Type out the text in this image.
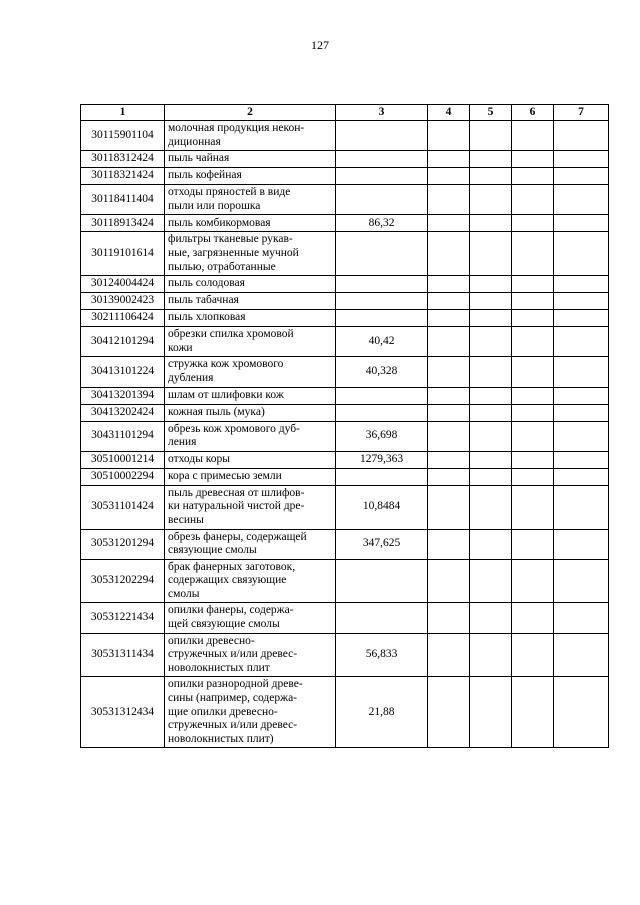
127
1	2	3	4	5	6	7
30115901104	молочная продукция некон-
диционная					
30118312424	пыль чайная					
30118321424	пыль кофейная					
30118411404	отходы пряностей в виде
пыли или порошка					
30118913424	пыль комбикормовая	86,32				
30119101614	фильтры тканевые рукав-
ные, загрязненные мучной
пылью, отработанные					
30124004424	пыль солодовая					
30139002423	пыль табачная					
30211106424	пыль хлопковая					
30412101294	обрезки спилка хромовой
кожи	40,42				
30413101224	стружка кож хромового
дубления	40,328				
30413201394	шлам от шлифовки кож					
30413202424	кожная пыль (мука)					
30431101294	обрезь кож хромового дуб-
ления	36,698				
30510001214	отходы коры	1279,363				
30510002294	кора с примесью земли					
30531101424	пыль древесная от шлифов-
ки натуральной чистой дре-
весины	10,8484				
30531201294	обрезь фанеры, содержащей
связующие смолы	347,625				
30531202294	брак фанерных заготовок,
содержащих связующие
смолы					
30531221434	опилки фанеры, содержа-
щей связующие смолы					
30531311434	опилки древесно-
стружечных и/или древес-
новолокнистых плит	56,833				
30531312434	опилки разнородной древе-
сины (например, содержа-
щие опилки древесно-
стружечных и/или древес-
новолокнистых плит)	21,88				
